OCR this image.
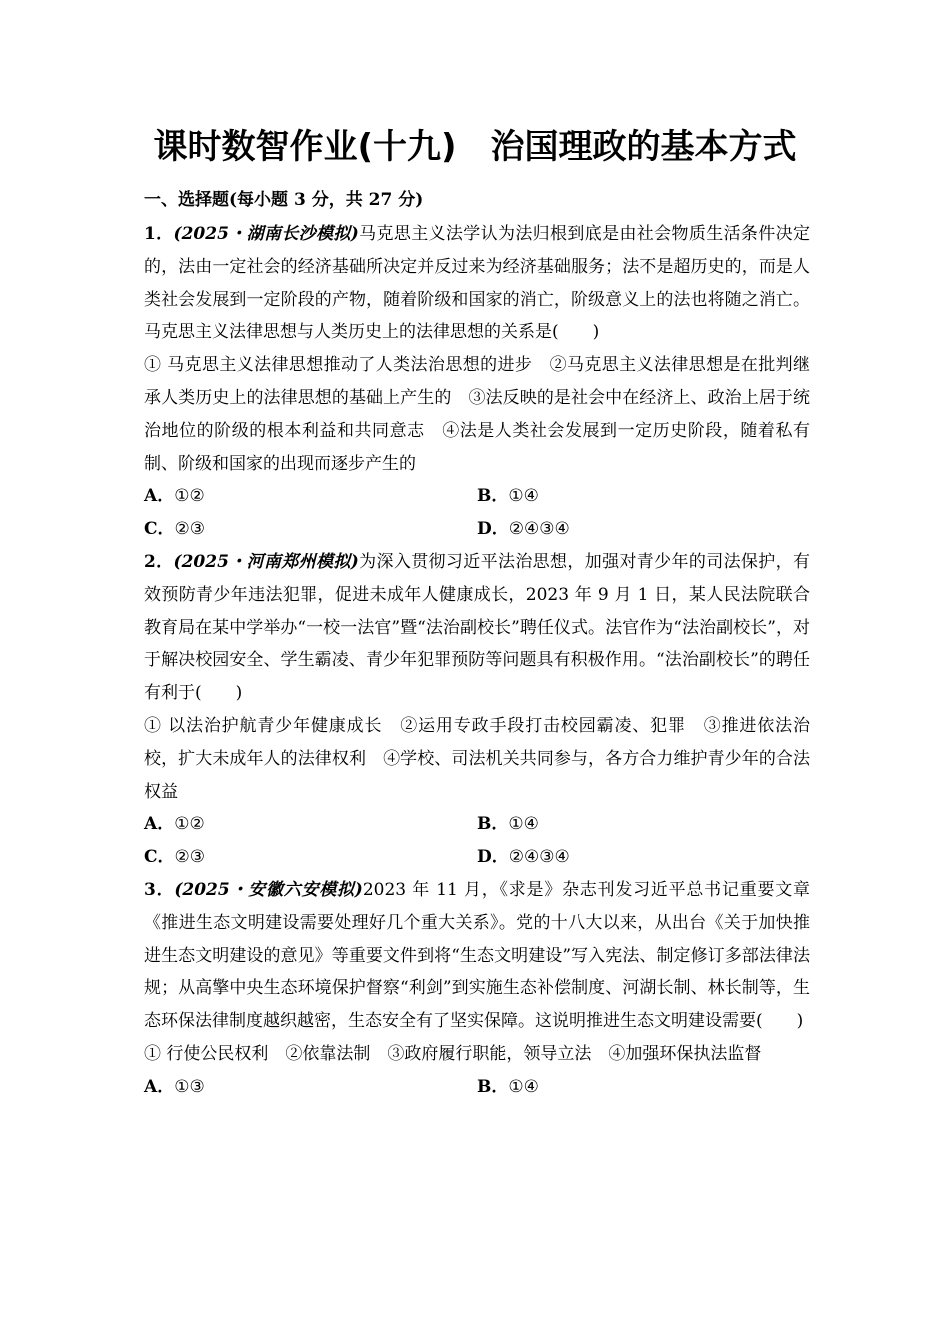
课时数智作业(十九)　治国理政的基本方式
一、选择题(每小题 3 分，共 27 分)

1．(2025・湖南长沙模拟)马克思主义法学认为法归根到底是由社会物质生活条件决定的，法由一定社会的经济基础所决定并反过来为经济基础服务；法不是超历史的，而是人类社会发展到一定阶段的产物，随着阶级和国家的消亡，阶级意义上的法也将随之消亡。马克思主义法律思想与人类历史上的法律思想的关系是(　　)

① 马克思主义法律思想推动了人类法治思想的进步　②马克思主义法律思想是在批判继承人类历史上的法律思想的基础上产生的　③法反映的是社会中在经济上、政治上居于统治地位的阶级的根本利益和共同意志　④法是人类社会发展到一定历史阶段，随着私有制、阶级和国家的出现而逐步产生的

A．①②	B．①④
C．②③	D．②④③④

2．(2025・河南郑州模拟)为深入贯彻习近平法治思想，加强对青少年的司法保护，有效预防青少年违法犯罪，促进未成年人健康成长，2023 年 9 月 1 日，某人民法院联合教育局在某中学举办“一校一法官”暨“法治副校长”聘任仪式。法官作为“法治副校长”，对于解决校园安全、学生霸凌、青少年犯罪预防等问题具有积极作用。“法治副校长”的聘任有利于(　　)

① 以法治护航青少年健康成长　②运用专政手段打击校园霸凌、犯罪　③推进依法治校，扩大未成年人的法律权利　④学校、司法机关共同参与，各方合力维护青少年的合法权益

A．①②	B．①④
C．②③	D．②④③④

3．(2025・安徽六安模拟)2023 年 11 月，《求是》杂志刊发习近平总书记重要文章《推进生态文明建设需要处理好几个重大关系》。党的十八大以来，从出台《关于加快推进生态文明建设的意见》等重要文件到将“生态文明建设”写入宪法、制定修订多部法律法规；从高擎中央生态环境保护督察“利剑”到实施生态补偿制度、河湖长制、林长制等，生态环保法律制度越织越密，生态安全有了坚实保障。这说明推进生态文明建设需要(　　)

① 行使公民权利　②依靠法制　③政府履行职能，领导立法　④加强环保执法监督

A．①③	B．①④
